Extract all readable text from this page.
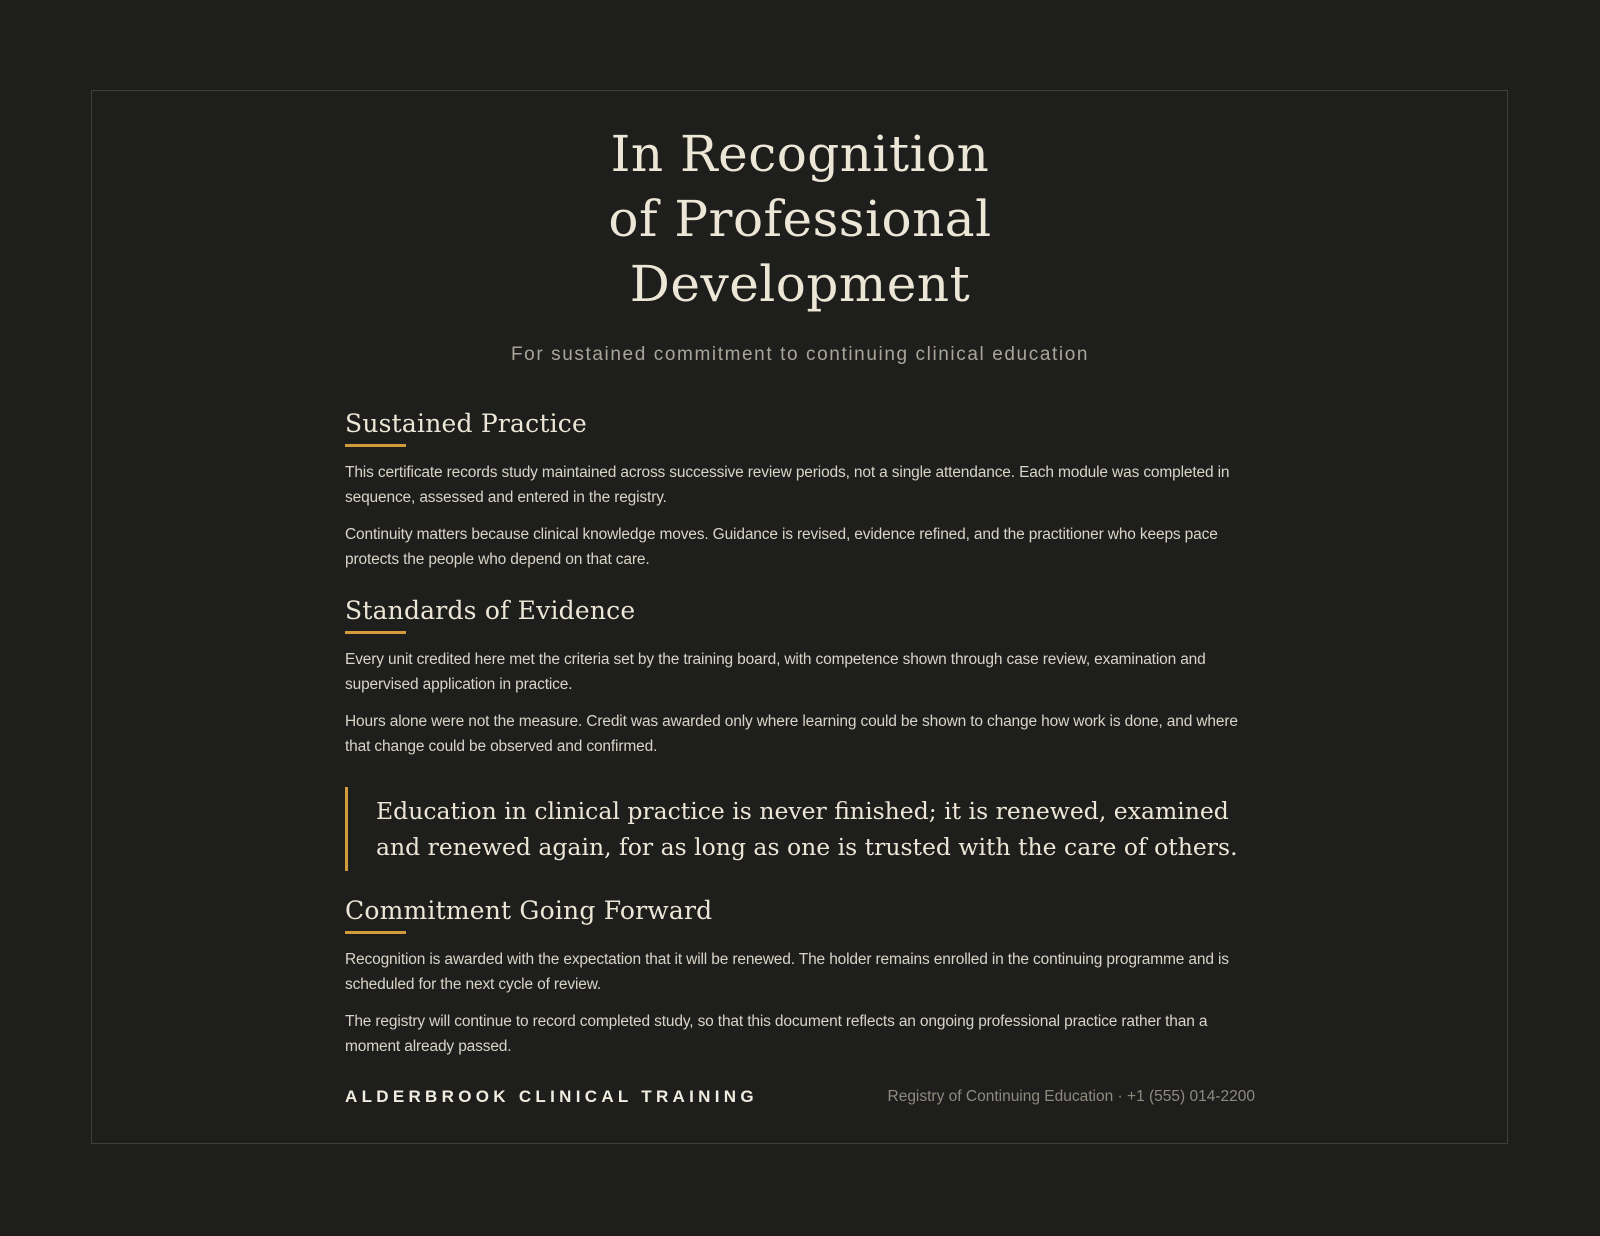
In Recognition
of Professional
Development

For sustained commitment to continuing clinical education

Sustained Practice

This certificate records study maintained across successive review periods, not a single attendance. Each module was completed in sequence, assessed and entered in the registry.

Continuity matters because clinical knowledge moves. Guidance is revised, evidence refined, and the practitioner who keeps pace protects the people who depend on that care.

Standards of Evidence

Every unit credited here met the criteria set by the training board, with competence shown through case review, examination and supervised application in practice.

Hours alone were not the measure. Credit was awarded only where learning could be shown to change how work is done, and where that change could be observed and confirmed.

Education in clinical practice is never finished; it is renewed, examined and renewed again, for as long as one is trusted with the care of others.
Commitment Going Forward

Recognition is awarded with the expectation that it will be renewed. The holder remains enrolled in the continuing programme and is scheduled for the next cycle of review.

The registry will continue to record completed study, so that this document reflects an ongoing professional practice rather than a moment already passed.

ALDERBROOK CLINICAL TRAINING	Registry of Continuing Education · +1 (555) 014-2200
